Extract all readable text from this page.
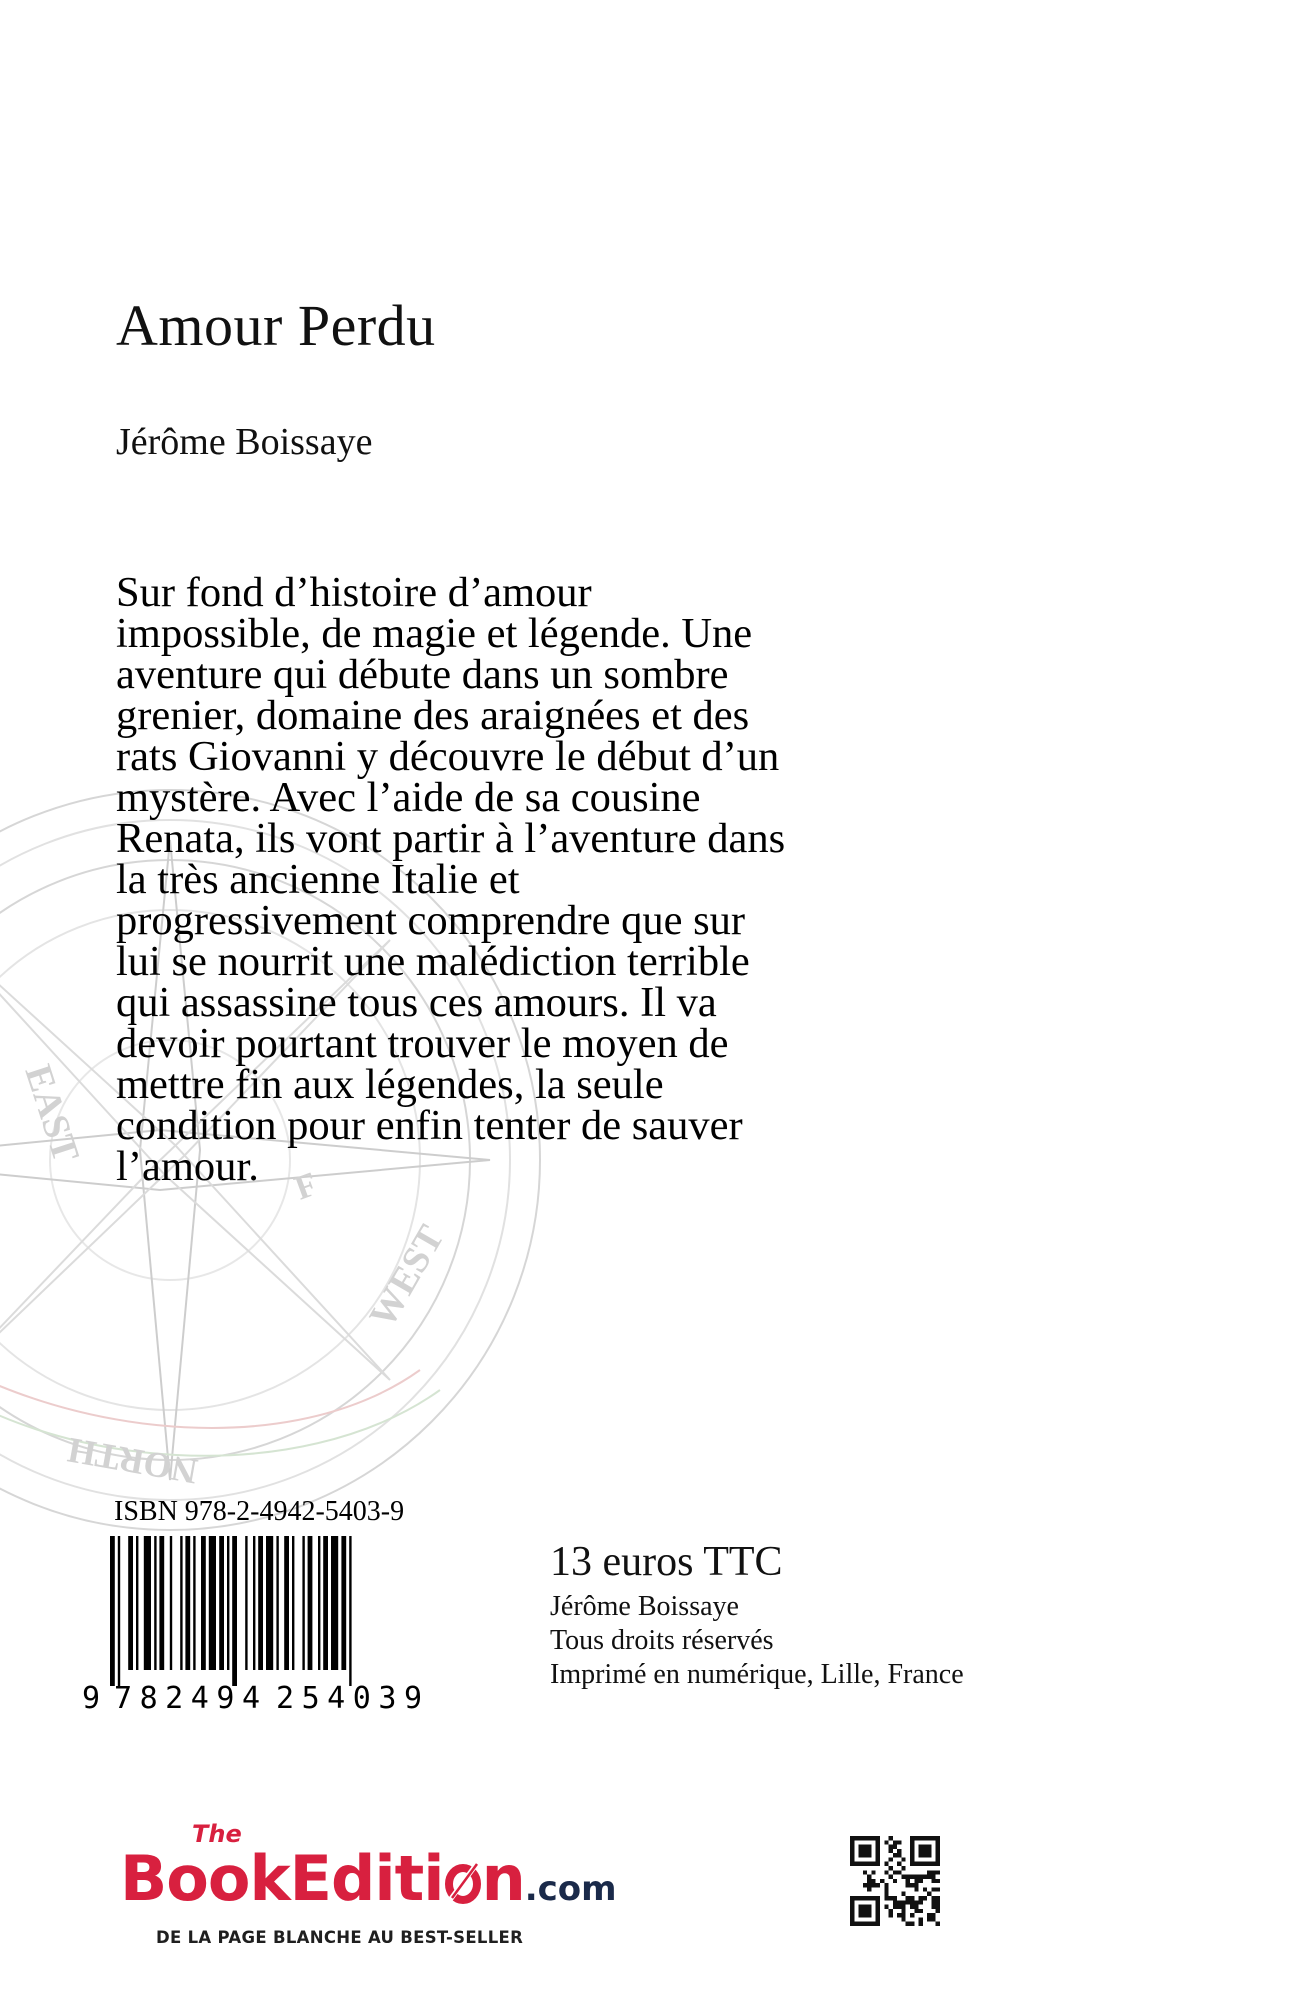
EAST
WEST
NORTH
F
Amour Perdu
Jérôme Boissaye
Sur fond d’histoire d’amour
impossible, de magie et légende. Une
aventure qui débute dans un sombre
grenier, domaine des araignées et des
rats Giovanni y découvre le début d’un
mystère. Avec l’aide de sa cousine
Renata, ils vont partir à l’aventure dans
la très ancienne Italie et
progressivement comprendre que sur
lui se nourrit une malédiction terrible
qui assassine tous ces amours. Il va
devoir pourtant trouver le moyen de
mettre fin aux légendes, la seule
condition pour enfin tenter de sauver
l’amour.
ISBN 978-2-4942-5403-9
9 782494 254039
13 euros TTC
Jérôme Boissaye
Tous droits réservés
Imprimé en numérique, Lille, France
The
BookEditi n.com
DE LA PAGE BLANCHE AU BEST-SELLER
